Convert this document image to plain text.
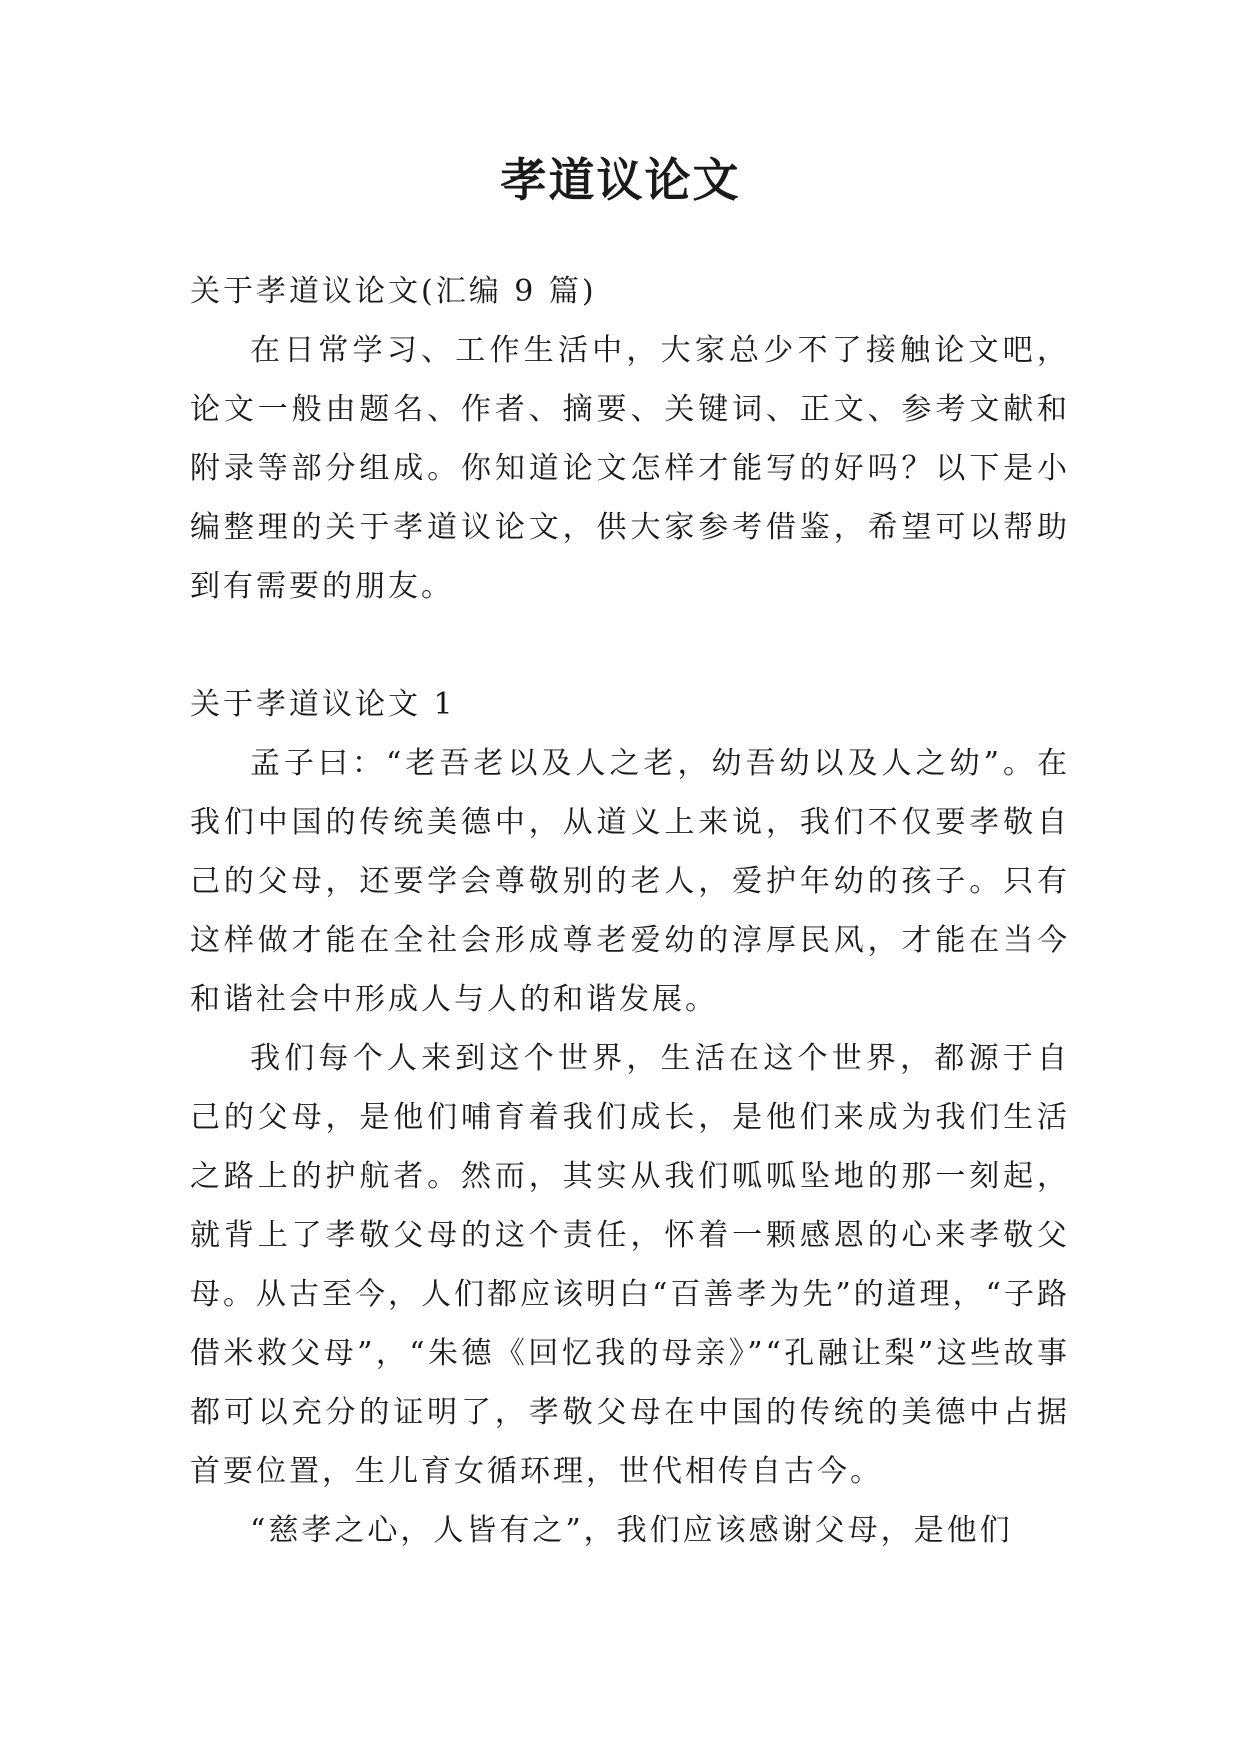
孝道议论文

关于孝道议论文(汇编 9 篇)

在日常学习、工作生活中，大家总少不了接触论文吧，论文一般由题名、作者、摘要、关键词、正文、参考文献和附录等部分组成。你知道论文怎样才能写的好吗？以下是小编整理的关于孝道议论文，供大家参考借鉴，希望可以帮助到有需要的朋友。

关于孝道议论文 1

孟子曰：“老吾老以及人之老，幼吾幼以及人之幼”。在我们中国的传统美德中，从道义上来说，我们不仅要孝敬自己的父母，还要学会尊敬别的老人，爱护年幼的孩子。只有这样做才能在全社会形成尊老爱幼的淳厚民风，才能在当今和谐社会中形成人与人的和谐发展。

我们每个人来到这个世界，生活在这个世界，都源于自己的父母，是他们哺育着我们成长，是他们来成为我们生活之路上的护航者。然而，其实从我们呱呱坠地的那一刻起，就背上了孝敬父母的这个责任，怀着一颗感恩的心来孝敬父母。从古至今，人们都应该明白“百善孝为先”的道理，“子路借米救父母”，“朱德《回忆我的母亲》”“孔融让梨”这些故事都可以充分的证明了，孝敬父母在中国的传统的美德中占据首要位置，生儿育女循环理，世代相传自古今。

“慈孝之心，人皆有之”，我们应该感谢父母，是他们
